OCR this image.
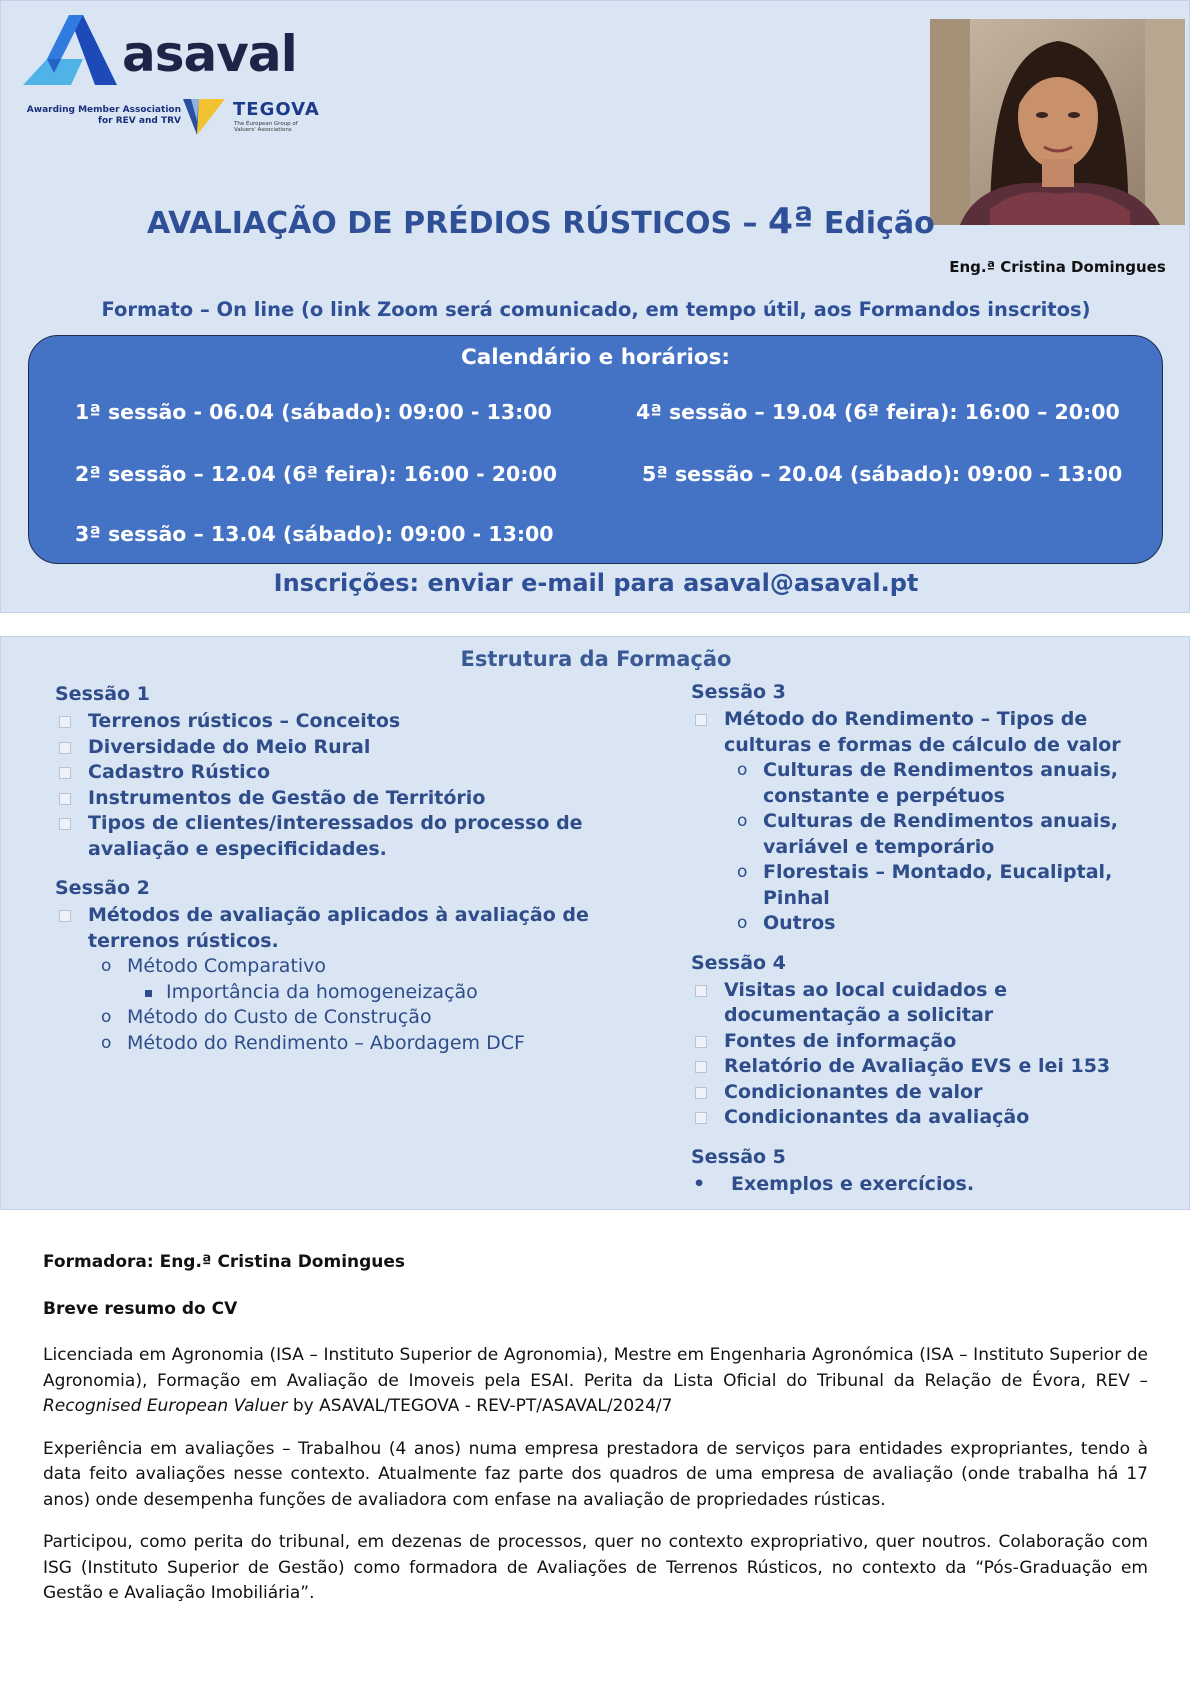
asaval
Awarding Member Association for REV and TRV
TEGOVA
The European Group of Valuers' Associations
Eng.ª Cristina Domingues
AVALIAÇÃO DE PRÉDIOS RÚSTICOS – 4ª Edição
Formato – On line (o link Zoom será comunicado, em tempo útil, aos Formandos inscritos)
Calendário e horários:
1ª sessão - 06.04 (sábado): 09:00 - 13:00
2ª sessão – 12.04 (6ª feira): 16:00 - 20:00
3ª sessão – 13.04 (sábado): 09:00 - 13:00
4ª sessão – 19.04 (6ª feira): 16:00 – 20:00
5ª sessão – 20.04 (sábado): 09:00 – 13:00
Inscrições: enviar e-mail para asaval@asaval.pt
Estrutura da Formação
Sessão 1
Terrenos rústicos – Conceitos
Diversidade do Meio Rural
Cadastro Rústico
Instrumentos de Gestão de Território
Tipos de clientes/interessados do processo de avaliação e especificidades.
Sessão 2
Métodos de avaliação aplicados à avaliação de terrenos rústicos.
o Método Comparativo
Importância da homogeneização
o Método do Custo de Construção
o Método do Rendimento – Abordagem DCF
Sessão 3
Método do Rendimento – Tipos de culturas e formas de cálculo de valor
o Culturas de Rendimentos anuais, constante e perpétuos
o Culturas de Rendimentos anuais, variável e temporário
o Florestais – Montado, Eucaliptal, Pinhal
o Outros
Sessão 4
Visitas ao local cuidados e documentação a solicitar
Fontes de informação
Relatório de Avaliação EVS e lei 153
Condicionantes de valor
Condicionantes da avaliação
Sessão 5
• Exemplos e exercícios.
Formadora: Eng.ª Cristina Domingues
Breve resumo do CV

Licenciada em Agronomia (ISA – Instituto Superior de Agronomia), Mestre em Engenharia Agronómica (ISA – Instituto Superior de Agronomia), Formação em Avaliação de Imoveis pela ESAI. Perita da Lista Oficial do Tribunal da Relação de Évora, REV – Recognised European Valuer by ASAVAL/TEGOVA - REV-PT/ASAVAL/2024/7

Experiência em avaliações – Trabalhou (4 anos) numa empresa prestadora de serviços para entidades expropriantes, tendo à data feito avaliações nesse contexto. Atualmente faz parte dos quadros de uma empresa de avaliação (onde trabalha há 17 anos) onde desempenha funções de avaliadora com enfase na avaliação de propriedades rústicas.

Participou, como perita do tribunal, em dezenas de processos, quer no contexto expropriativo, quer noutros. Colaboração com ISG (Instituto Superior de Gestão) como formadora de Avaliações de Terrenos Rústicos, no contexto da “Pós-Graduação em Gestão e Avaliação Imobiliária”.
